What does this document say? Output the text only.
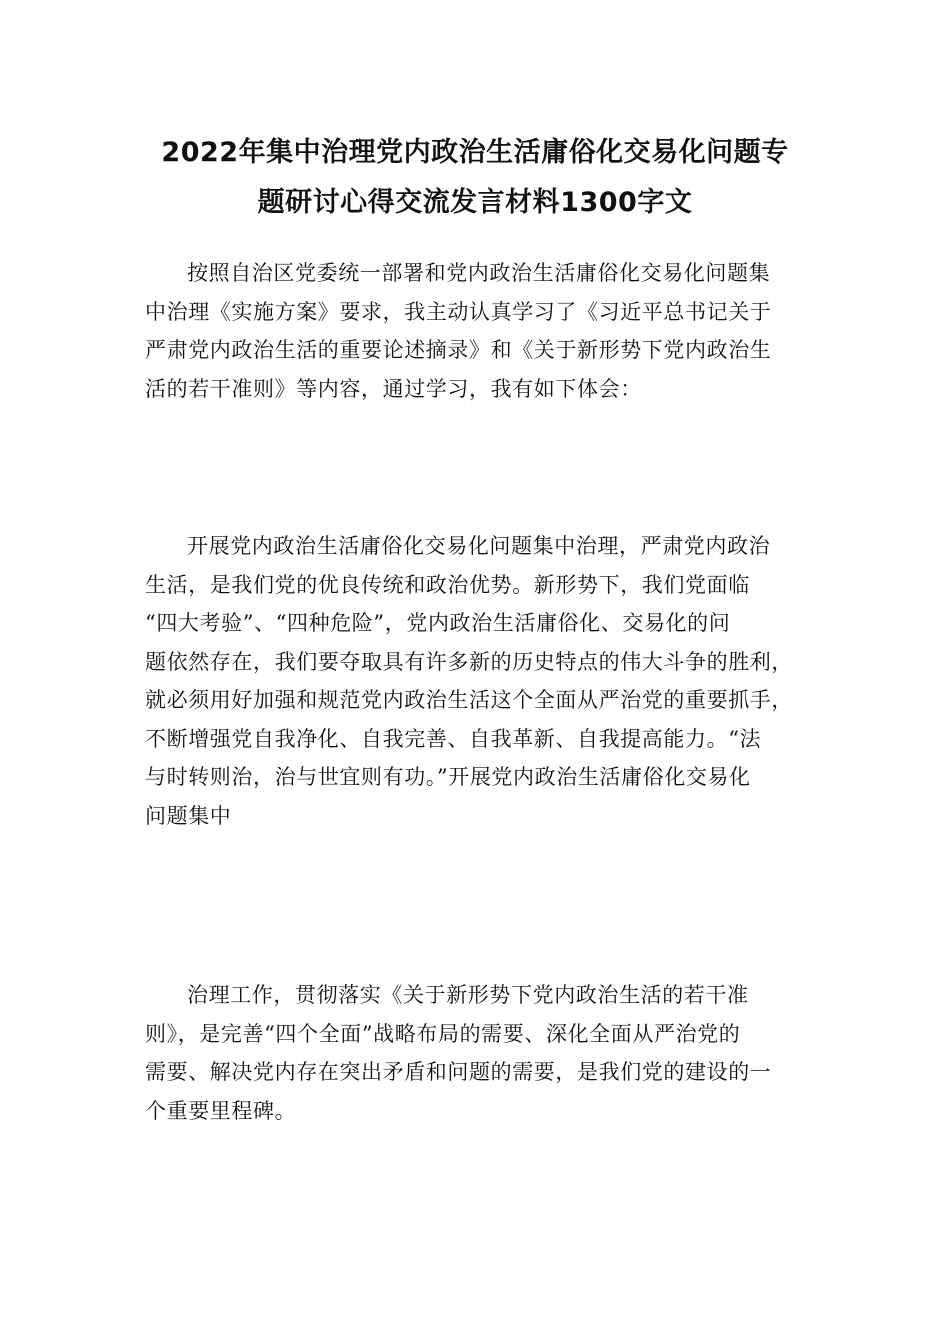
2022年集中治理党内政治生活庸俗化交易化问题专
题研讨心得交流发言材料1300字文

按照自治区党委统一部署和党内政治生活庸俗化交易化问题集
中治理《实施方案》要求，我主动认真学习了《习近平总书记关于
严肃党内政治生活的重要论述摘录》和《关于新形势下党内政治生
活的若干准则》等内容，通过学习，我有如下体会：

开展党内政治生活庸俗化交易化问题集中治理，严肃党内政治
生活，是我们党的优良传统和政治优势。新形势下，我们党面临
“四大考验”、“四种危险”，党内政治生活庸俗化、交易化的问
题依然存在，我们要夺取具有许多新的历史特点的伟大斗争的胜利，
就必须用好加强和规范党内政治生活这个全面从严治党的重要抓手，
不断增强党自我净化、自我完善、自我革新、自我提高能力。“法
与时转则治，治与世宜则有功。”开展党内政治生活庸俗化交易化
问题集中

治理工作，贯彻落实《关于新形势下党内政治生活的若干准
则》，是完善“四个全面”战略布局的需要、深化全面从严治党的
需要、解决党内存在突出矛盾和问题的需要，是我们党的建设的一
个重要里程碑。
